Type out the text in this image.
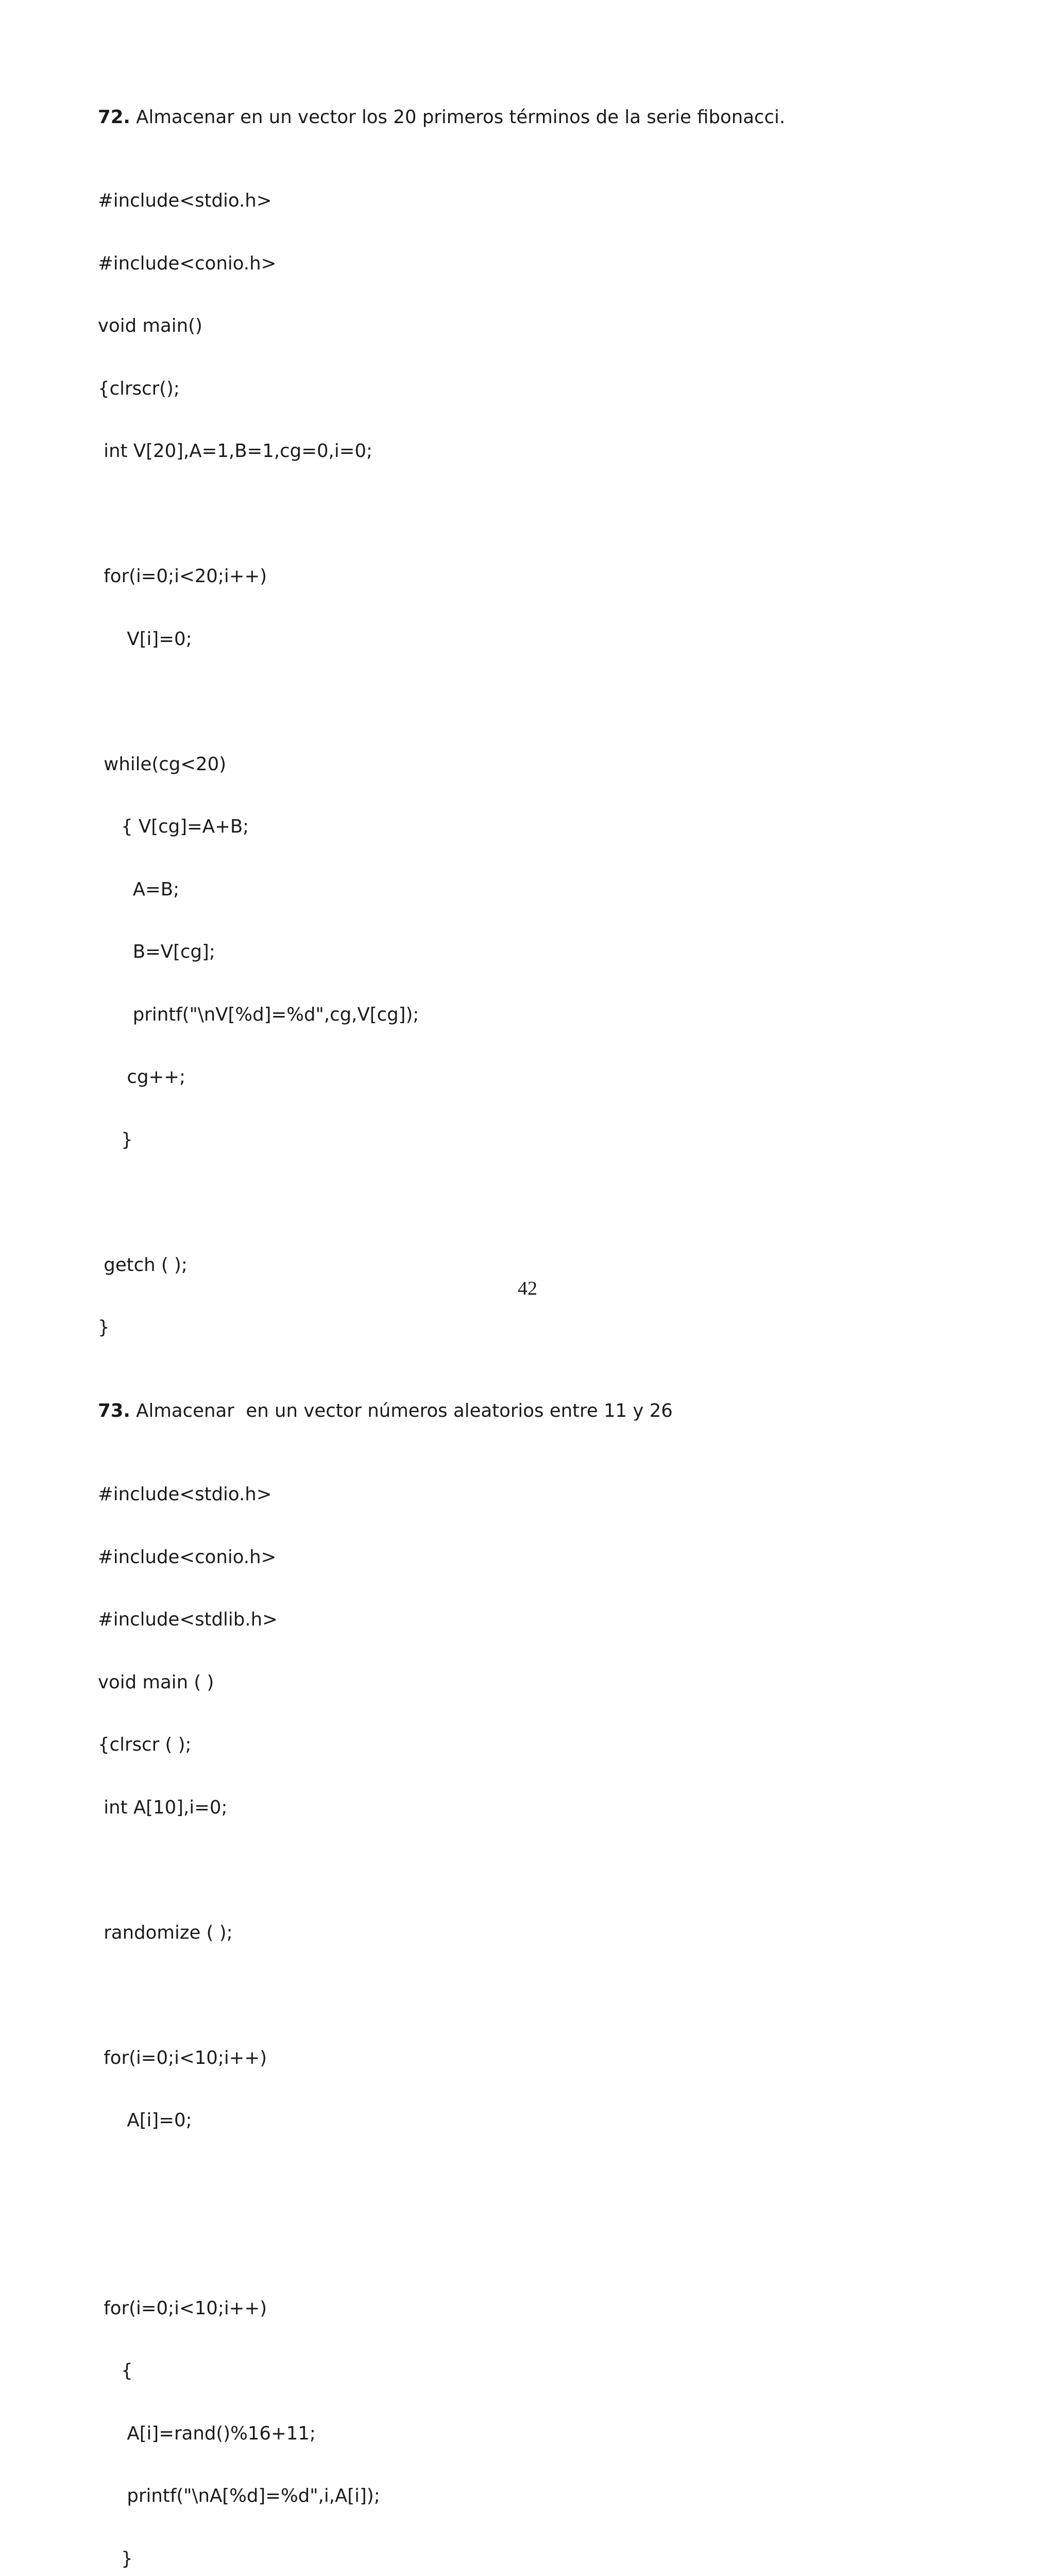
72. Almacenar en un vector los 20 primeros términos de la serie fibonacci.

#include<stdio.h>

#include<conio.h>

void main()

{clrscr();

int V[20],A=1,B=1,cg=0,i=0;

for(i=0;i<20;i++)

V[i]=0;

while(cg<20)

{ V[cg]=A+B;

A=B;

B=V[cg];

printf("\nV[%d]=%d",cg,V[cg]);

cg++;

}

getch ( );

}

73. Almacenar  en un vector números aleatorios entre 11 y 26

#include<stdio.h>

#include<conio.h>

#include<stdlib.h>

void main ( )

{clrscr ( );

int A[10],i=0;

randomize ( );

for(i=0;i<10;i++)

A[i]=0;

for(i=0;i<10;i++)

{

A[i]=rand()%16+11;

printf("\nA[%d]=%d",i,A[i]);

}

42
